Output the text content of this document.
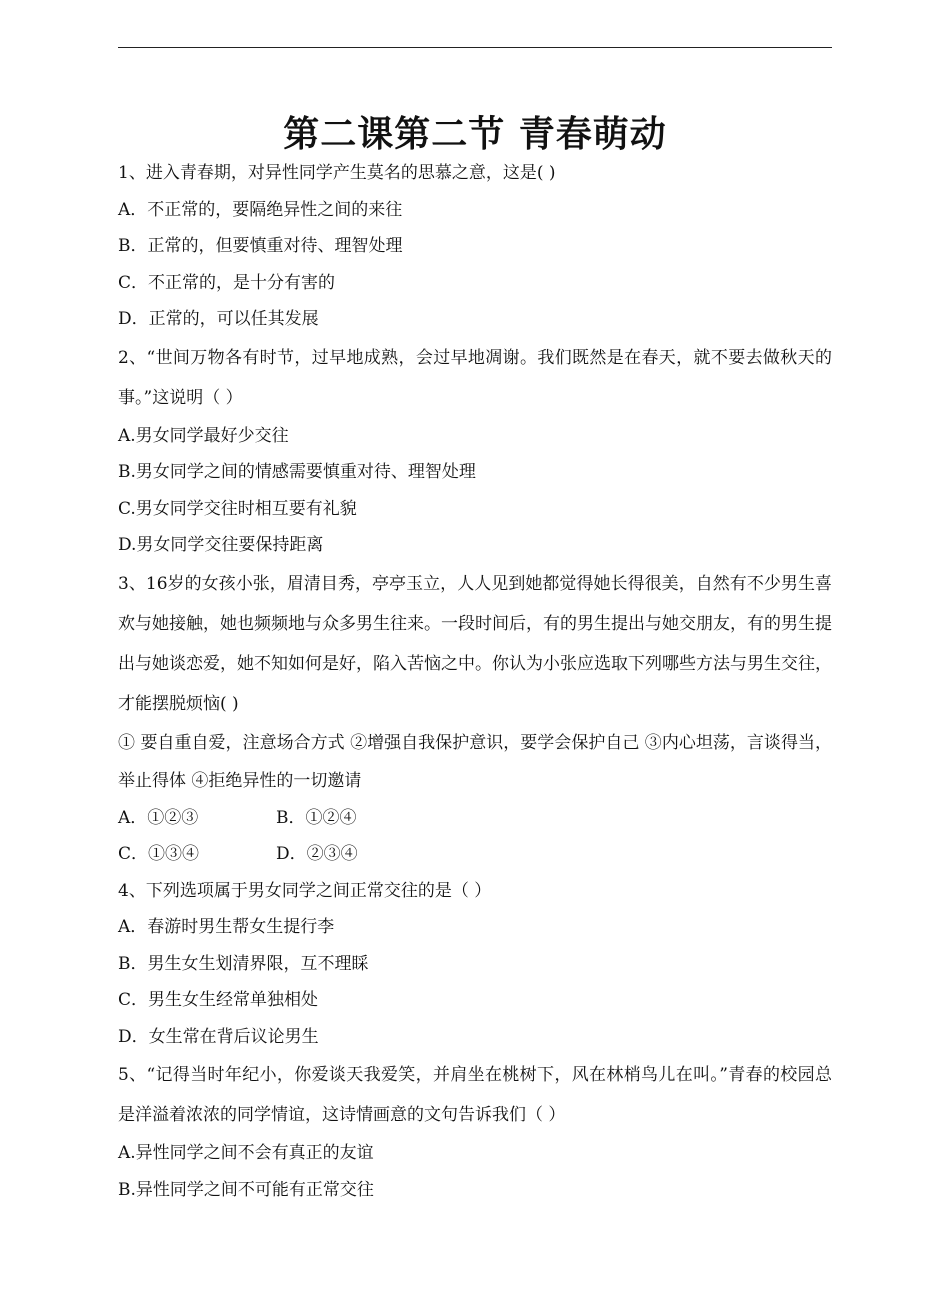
第二课第二节 青春萌动
1、进入青春期，对异性同学产生莫名的思慕之意，这是( )
A．不正常的，要隔绝异性之间的来往
B．正常的，但要慎重对待、理智处理
C．不正常的，是十分有害的
D．正常的，可以任其发展
2、“世间万物各有时节，过早地成熟，会过早地凋谢。我们既然是在春天，就不要去做秋天的事。”这说明（ ）
A.男女同学最好少交往
B.男女同学之间的情感需要慎重对待、理智处理
C.男女同学交往时相互要有礼貌
D.男女同学交往要保持距离
3、16岁的女孩小张，眉清目秀，亭亭玉立，人人见到她都觉得她长得很美，自然有不少男生喜欢与她接触，她也频频地与众多男生往来。一段时间后，有的男生提出与她交朋友，有的男生提出与她谈恋爱，她不知如何是好，陷入苦恼之中。你认为小张应选取下列哪些方法与男生交往，才能摆脱烦恼( )
① 要自重自爱，注意场合方式 ②增强自我保护意识，要学会保护自己 ③内心坦荡，言谈得当，举止得体 ④拒绝异性的一切邀请
A．①②③	B．①②④
C．①③④	D．②③④
4、下列选项属于男女同学之间正常交往的是（ ）
A．春游时男生帮女生提行李
B．男生女生划清界限，互不理睬
C．男生女生经常单独相处
D．女生常在背后议论男生
5、“记得当时年纪小，你爱谈天我爱笑，并肩坐在桃树下，风在林梢鸟儿在叫。”青春的校园总是洋溢着浓浓的同学情谊，这诗情画意的文句告诉我们（ ）
A.异性同学之间不会有真正的友谊
B.异性同学之间不可能有正常交往
